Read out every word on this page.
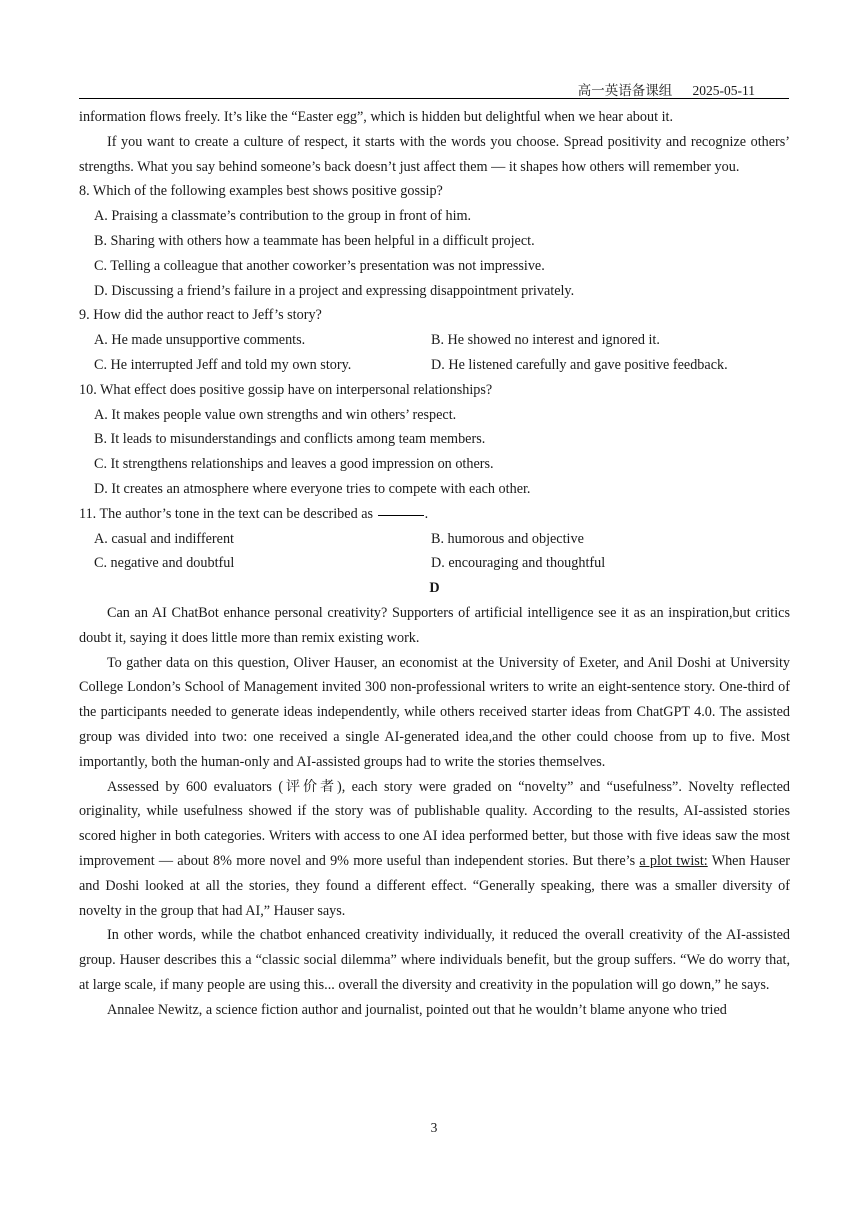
高一英语备课组      2025-05-11

information flows freely. It’s like the “Easter egg”, which is hidden but delightful when we hear about it.

If you want to create a culture of respect, it starts with the words you choose. Spread positivity and recognize others’ strengths. What you say behind someone’s back doesn’t just affect them — it shapes how others will remember you.

8. Which of the following examples best shows positive gossip?

A. Praising a classmate’s contribution to the group in front of him.

B. Sharing with others how a teammate has been helpful in a difficult project.

C. Telling a colleague that another coworker’s presentation was not impressive.

D. Discussing a friend’s failure in a project and expressing disappointment privately.

9. How did the author react to Jeff’s story?

A. He made unsupportive comments.	B. He showed no interest and ignored it.
C. He interrupted Jeff and told my own story.	D. He listened carefully and gave positive feedback.

10. What effect does positive gossip have on interpersonal relationships?

A. It makes people value own strengths and win others’ respect.

B. It leads to misunderstandings and conflicts among team members.

C. It strengthens relationships and leaves a good impression on others.

D. It creates an atmosphere where everyone tries to compete with each other.

11. The author’s tone in the text can be described as	.

A. casual and indifferent	B. humorous and objective
C. negative and doubtful	D. encouraging and thoughtful

D

Can an AI ChatBot enhance personal creativity? Supporters of artificial intelligence see it as an inspiration,but critics doubt it, saying it does little more than remix existing work.

To gather data on this question, Oliver Hauser, an economist at the University of Exeter, and Anil Doshi at University College London’s School of Management invited 300 non-professional writers to write an eight-sentence story. One-third of the participants needed to generate ideas independently, while others received starter ideas from ChatGPT 4.0. The assisted group was divided into two: one received a single AI-generated idea,and the other could choose from up to five. Most importantly, both the human-only and AI-assisted groups had to write the stories themselves.

Assessed by 600 evaluators (评价者), each story were graded on “novelty” and “usefulness”. Novelty reflected originality, while usefulness showed if the story was of publishable quality. According to the results, AI-assisted stories scored higher in both categories. Writers with access to one AI idea performed better, but those with five ideas saw the most improvement — about 8% more novel and 9% more useful than independent stories. But there’s a plot twist: When Hauser and Doshi looked at all the stories, they found a different effect. “Generally speaking, there was a smaller diversity of novelty in the group that had AI,” Hauser says.

In other words, while the chatbot enhanced creativity individually, it reduced the overall creativity of the AI-assisted group. Hauser describes this a “classic social dilemma” where individuals benefit, but the group suffers. “We do worry that, at large scale, if many people are using this... overall the diversity and creativity in the population will go down,” he says.

Annalee Newitz, a science fiction author and journalist, pointed out that he wouldn’t blame anyone who tried

3
